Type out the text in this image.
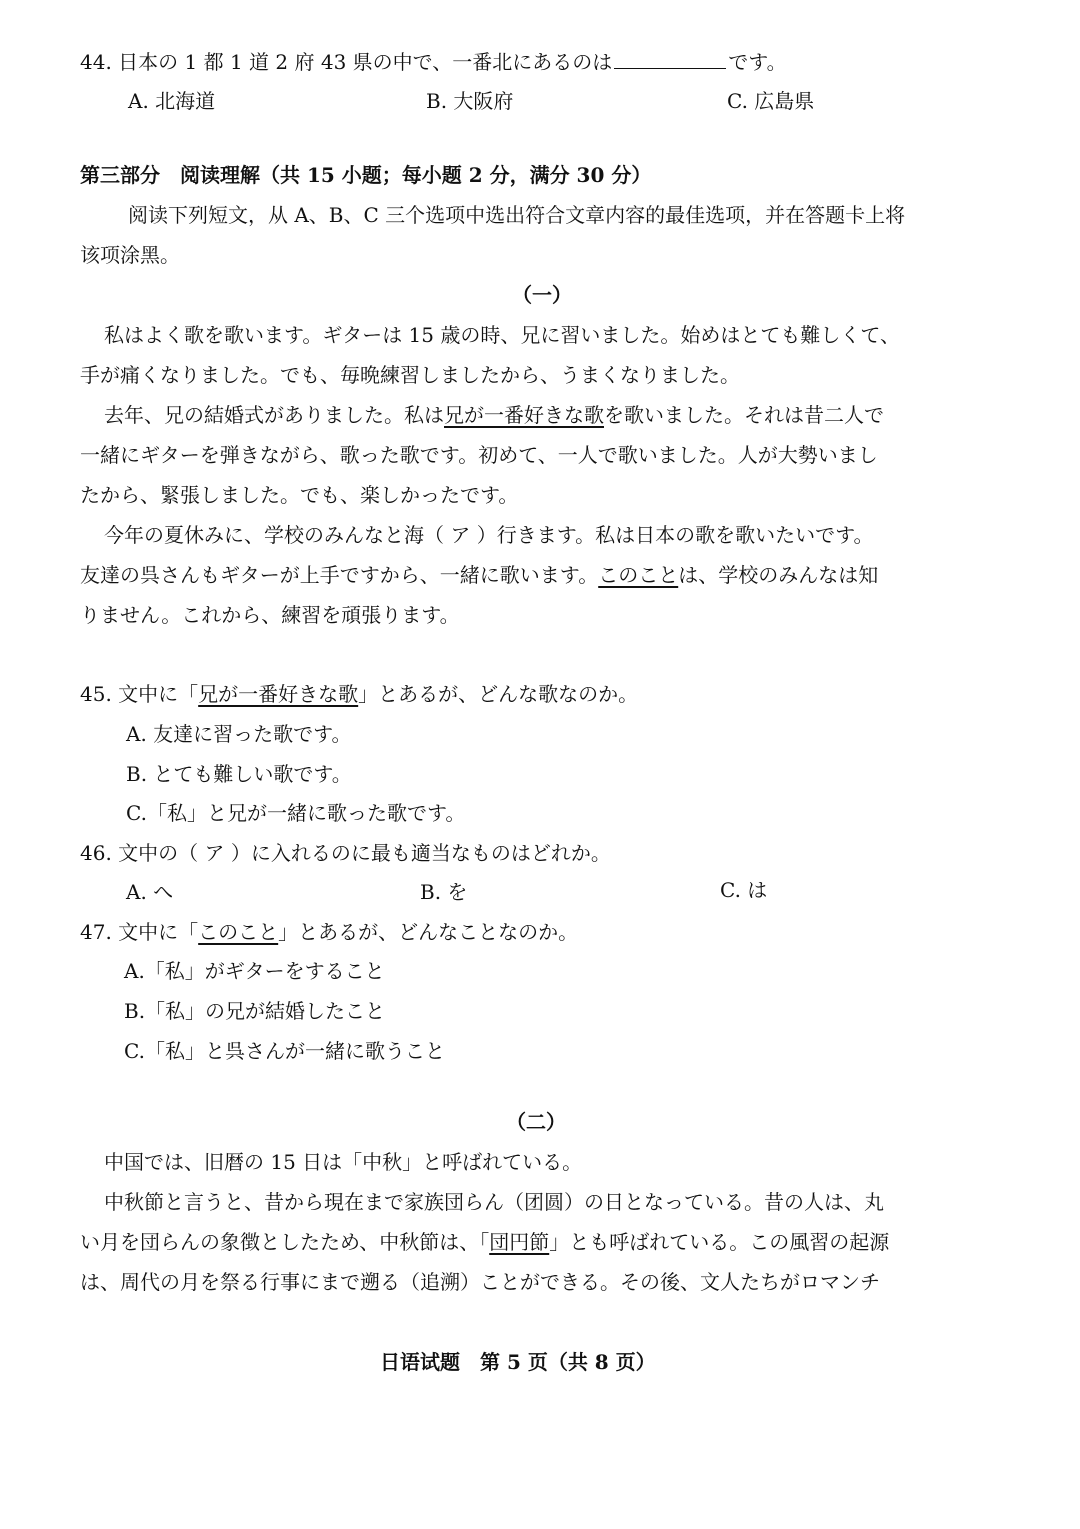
44. 日本の 1 都 1 道 2 府 43 県の中で、一番北にあるのは	です。
A. 北海道	B. 大阪府	C. 広島県
第三部分　阅读理解（共 15 小题；每小题 2 分，满分 30 分）
阅读下列短文，从 A、B、C 三个选项中选出符合文章内容的最佳选项，并在答题卡上将
该项涂黑。
（一）
私はよく歌を歌います。ギターは 15 歳の時、兄に習いました。始めはとても難しくて、
手が痛くなりました。でも、毎晩練習しましたから、うまくなりました。
去年、兄の結婚式がありました。私は兄が一番好きな歌を歌いました。それは昔二人で
一緒にギターを弾きながら、歌った歌です。初めて、一人で歌いました。人が大勢いまし
たから、緊張しました。でも、楽しかったです。
今年の夏休みに、学校のみんなと海（ ア ）行きます。私は日本の歌を歌いたいです。
友達の呉さんもギターが上手ですから、一緒に歌います。このことは、学校のみんなは知
りません。これから、練習を頑張ります。
45. 文中に「兄が一番好きな歌」とあるが、どんな歌なのか。
A. 友達に習った歌です。
B. とても難しい歌です。
C.「私」と兄が一緒に歌った歌です。
46. 文中の（ ア ）に入れるのに最も適当なものはどれか。
A. へ	B. を	C. は
47. 文中に「このこと」とあるが、どんなことなのか。
A.「私」がギターをすること
B.「私」の兄が結婚したこと
C.「私」と呉さんが一緒に歌うこと
（二）
中国では、旧暦の 15 日は「中秋」と呼ばれている。
中秋節と言うと、昔から現在まで家族団らん（团圆）の日となっている。昔の人は、丸
い月を団らんの象徴としたため、中秋節は、「団円節」とも呼ばれている。この風習の起源
は、周代の月を祭る行事にまで遡る（追溯）ことができる。その後、文人たちがロマンチ
日语试题　第 5 页（共 8 页）
